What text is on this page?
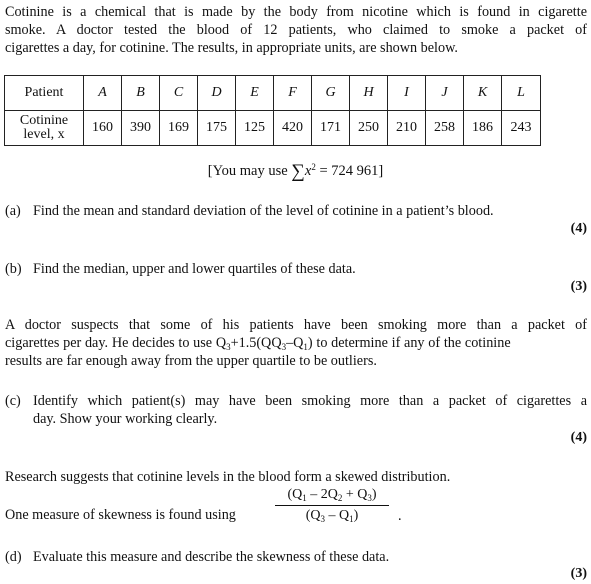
Cotinine is a chemical that is made by the body from nicotine which is found in cigarette
smoke. A doctor tested the blood of 12 patients, who claimed to smoke a packet of
cigarettes a day, for cotinine. The results, in appropriate units, are shown below.
Patient	A	B	C	D	E	F	G	H	I	J	K	L
Cotinine
level, x	160	390	169	175	125	420	171	250	210	258	186	243
[You may use $\sum x^2 = 724$ 961]
(a) Find the mean and standard deviation of the level of cotinine in a patient’s blood.
(4)
(b) Find the median, upper and lower quartiles of these data.
(3)
A doctor suspects that some of his patients have been smoking more than a packet of
cigarettes per day. He decides to use $Q_3+1.5(QQ_3-Q_1)$ to determine if any of the cotinine
results are far enough away from the upper quartile to be outliers.
(c) Identify which patient(s) may have been smoking more than a packet of cigarettes a
day. Show your working clearly.
(4)
Research suggests that cotinine levels in the blood form a skewed distribution.
One measure of skewness is found using
$(Q_1 - 2Q_2 + Q_3)$
$(Q_3 - Q_1)$	.
(d) Evaluate this measure and describe the skewness of these data.
(3)
